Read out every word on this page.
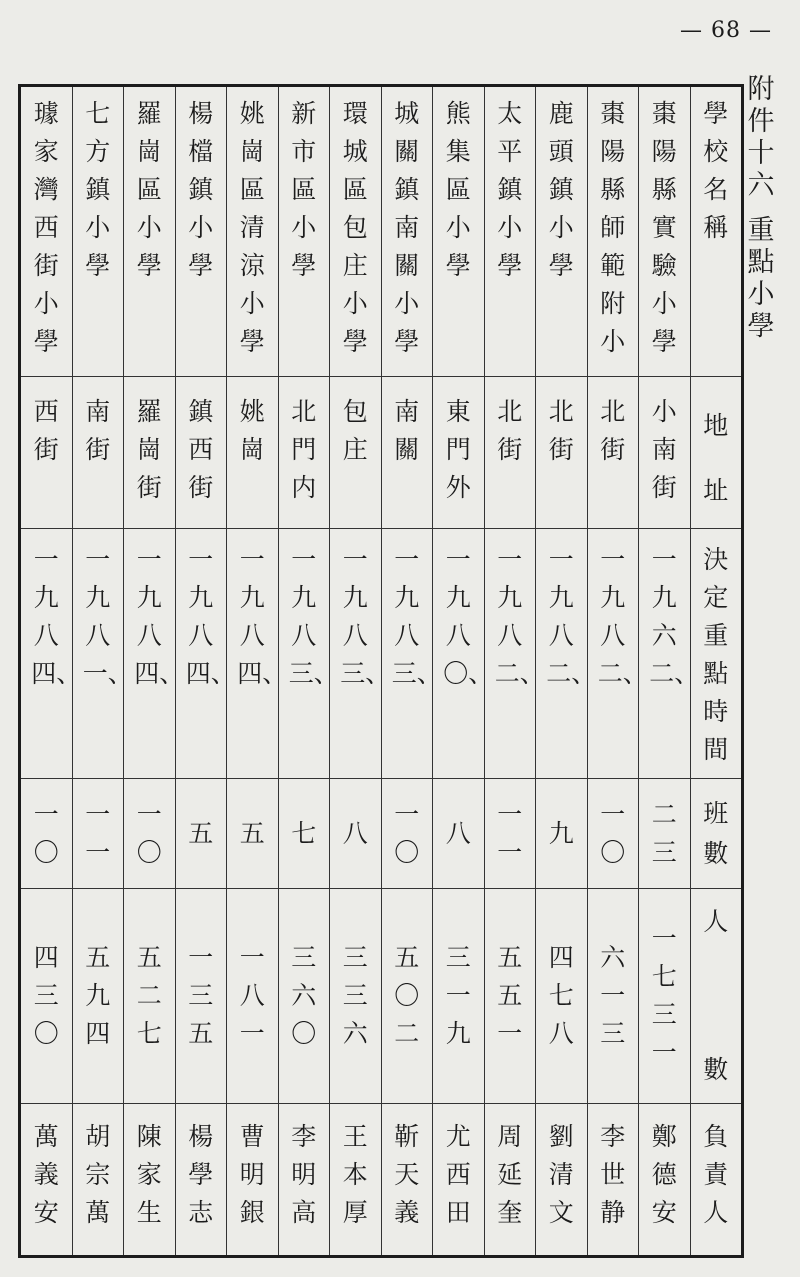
— 68 —
附件十六
重點小學
學校名稱
地址
決定重點時間
班數
人
數
負責人
棗陽縣實驗小學
小南街
一九六二、
二三
一七三一
鄭德安
棗陽縣師範附小
北街
一九八二、
一〇
六一三
李世静
鹿頭鎮小學
北街
一九八二、
九
四七八
劉清文
太平鎮小學
北街
一九八二、
一一
五五一
周延奎
熊集區小學
東門外
一九八〇、
八
三一九
尤西田
城關鎮南關小學
南關
一九八三、
一〇
五〇二
靳天義
環城區包庄小學
包庄
一九八三、
八
三三六
王本厚
新市區小學
北門内
一九八三、
七
三六〇
李明高
姚崗區清涼小學
姚崗
一九八四、
五
一八一
曹明銀
楊檔鎮小學
鎮西街
一九八四、
五
一三五
楊學志
羅崗區小學
羅崗街
一九八四、
一〇
五二七
陳家生
七方鎮小學
南街
一九八一、
一一
五九四
胡宗萬
璩家灣西街小學
西街
一九八四、
一〇
四三〇
萬義安
